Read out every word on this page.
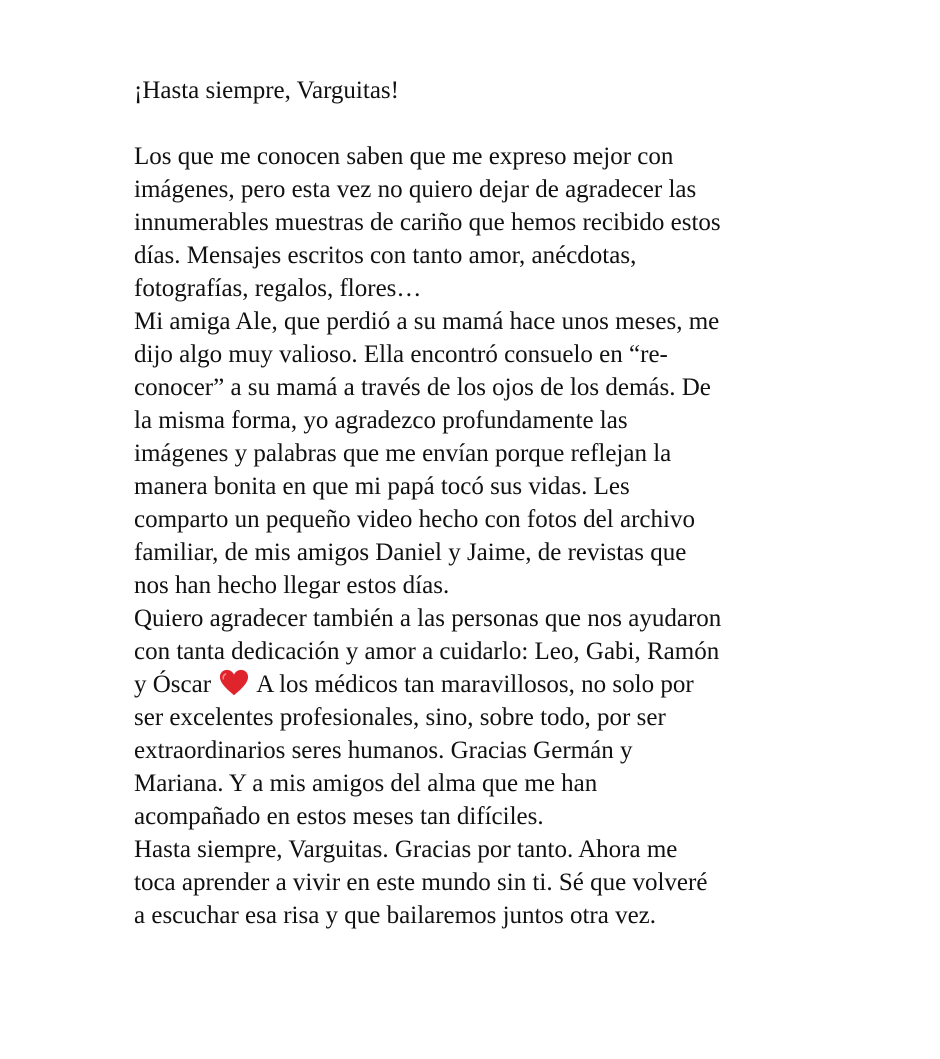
¡Hasta siempre, Varguitas!
Los que me conocen saben que me expreso mejor con
imágenes, pero esta vez no quiero dejar de agradecer las
innumerables muestras de cariño que hemos recibido estos
días. Mensajes escritos con tanto amor, anécdotas,
fotografías, regalos, flores…
Mi amiga Ale, que perdió a su mamá hace unos meses, me
dijo algo muy valioso. Ella encontró consuelo en “re-
conocer” a su mamá a través de los ojos de los demás. De
la misma forma, yo agradezco profundamente las
imágenes y palabras que me envían porque reflejan la
manera bonita en que mi papá tocó sus vidas. Les
comparto un pequeño video hecho con fotos del archivo
familiar, de mis amigos Daniel y Jaime, de revistas que
nos han hecho llegar estos días.
Quiero agradecer también a las personas que nos ayudaron
con tanta dedicación y amor a cuidarlo: Leo, Gabi, Ramón
y Óscar A los médicos tan maravillosos, no solo por
ser excelentes profesionales, sino, sobre todo, por ser
extraordinarios seres humanos. Gracias Germán y
Mariana. Y a mis amigos del alma que me han
acompañado en estos meses tan difíciles.
Hasta siempre, Varguitas. Gracias por tanto. Ahora me
toca aprender a vivir en este mundo sin ti. Sé que volveré
a escuchar esa risa y que bailaremos juntos otra vez.
